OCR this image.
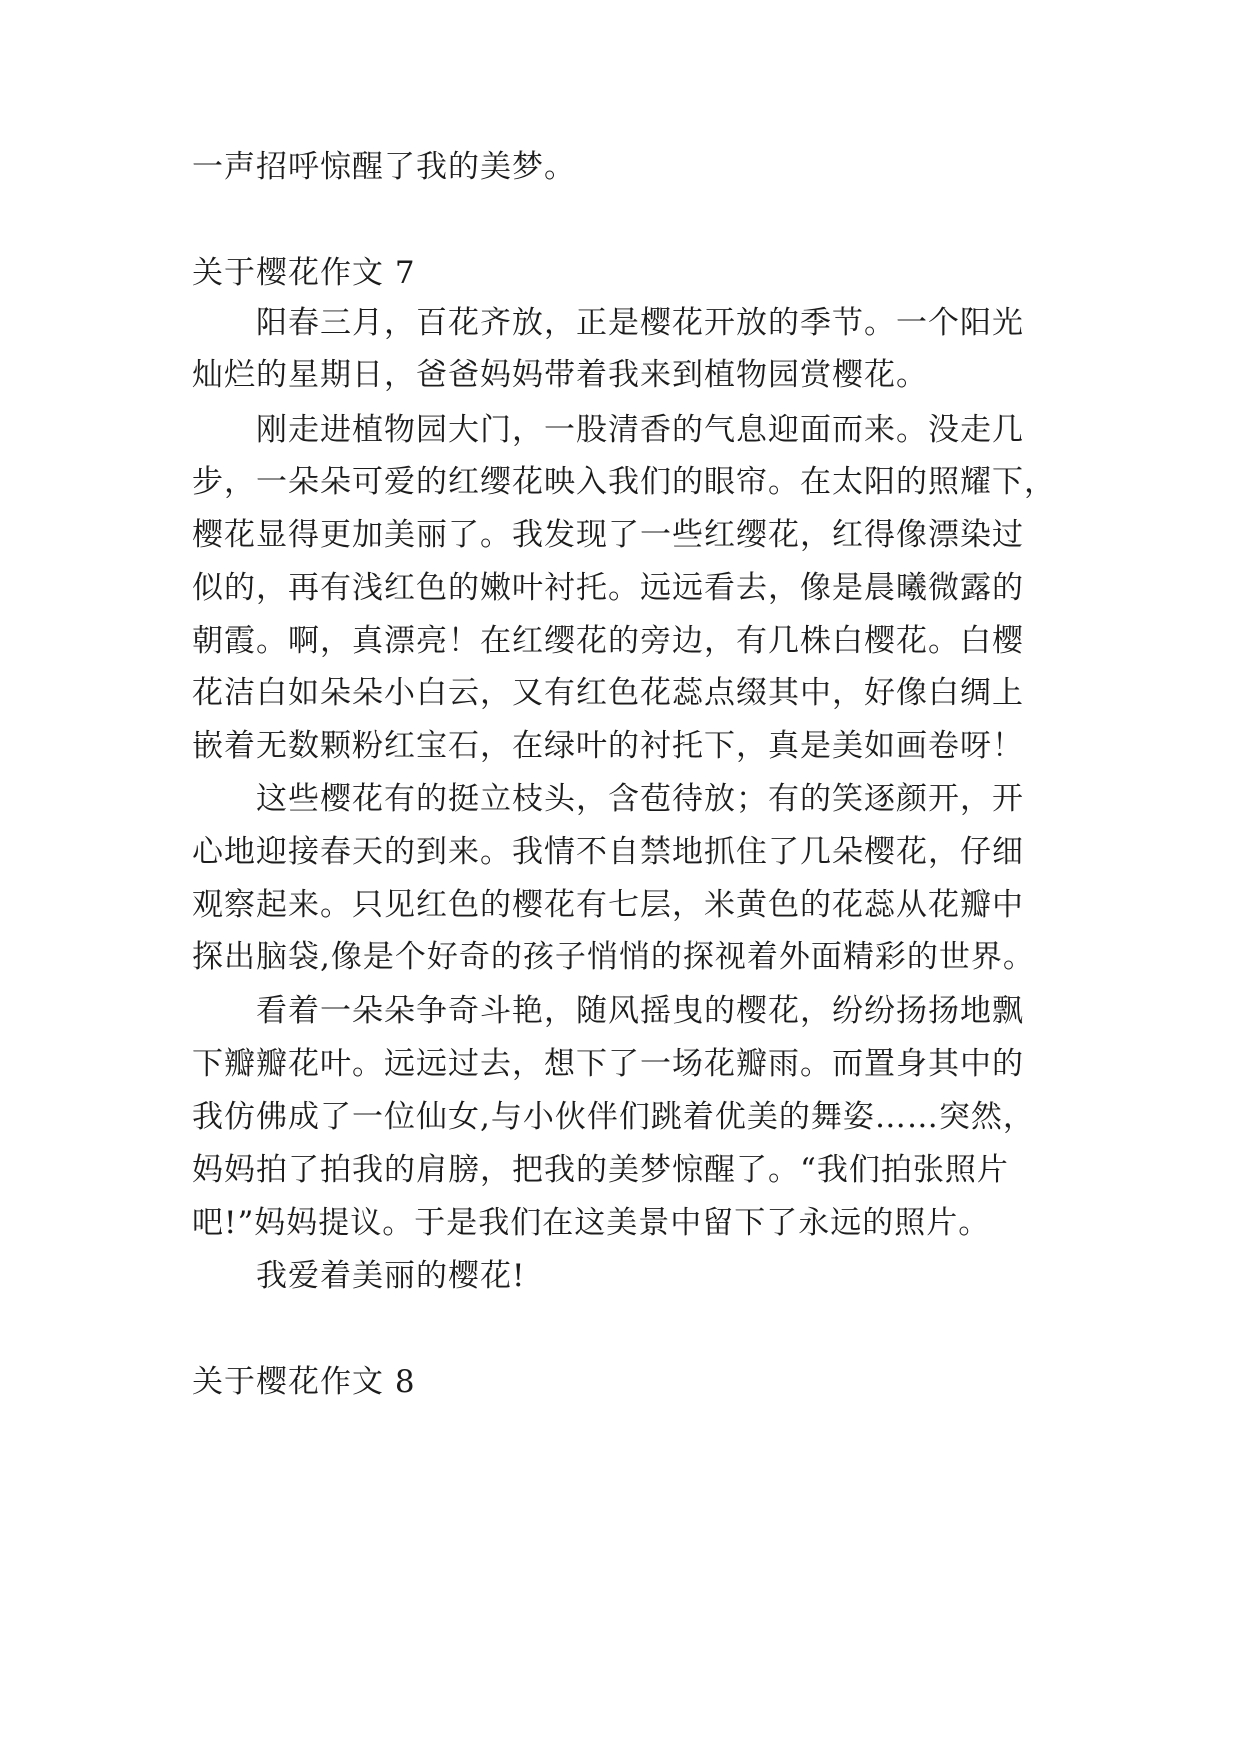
一声招呼惊醒了我的美梦。
关于樱花作文 7
阳春三月，百花齐放，正是樱花开放的季节。一个阳光
灿烂的星期日，爸爸妈妈带着我来到植物园赏樱花。
刚走进植物园大门，一股清香的气息迎面而来。没走几
步，一朵朵可爱的红缨花映入我们的眼帘。在太阳的照耀下，
樱花显得更加美丽了。我发现了一些红缨花，红得像漂染过
似的，再有浅红色的嫩叶衬托。远远看去，像是晨曦微露的
朝霞。啊，真漂亮！在红缨花的旁边，有几株白樱花。白樱
花洁白如朵朵小白云，又有红色花蕊点缀其中，好像白绸上
嵌着无数颗粉红宝石，在绿叶的衬托下，真是美如画卷呀！
这些樱花有的挺立枝头，含苞待放；有的笑逐颜开，开
心地迎接春天的到来。我情不自禁地抓住了几朵樱花，仔细
观察起来。只见红色的樱花有七层，米黄色的花蕊从花瓣中
探出脑袋,像是个好奇的孩子悄悄的探视着外面精彩的世界。
看着一朵朵争奇斗艳，随风摇曳的樱花，纷纷扬扬地飘
下瓣瓣花叶。远远过去，想下了一场花瓣雨。而置身其中的
我仿佛成了一位仙女,与小伙伴们跳着优美的舞姿……突然，
妈妈拍了拍我的肩膀，把我的美梦惊醒了。“我们拍张照片
吧!”妈妈提议。于是我们在这美景中留下了永远的照片。
我爱着美丽的樱花!
关于樱花作文 8
